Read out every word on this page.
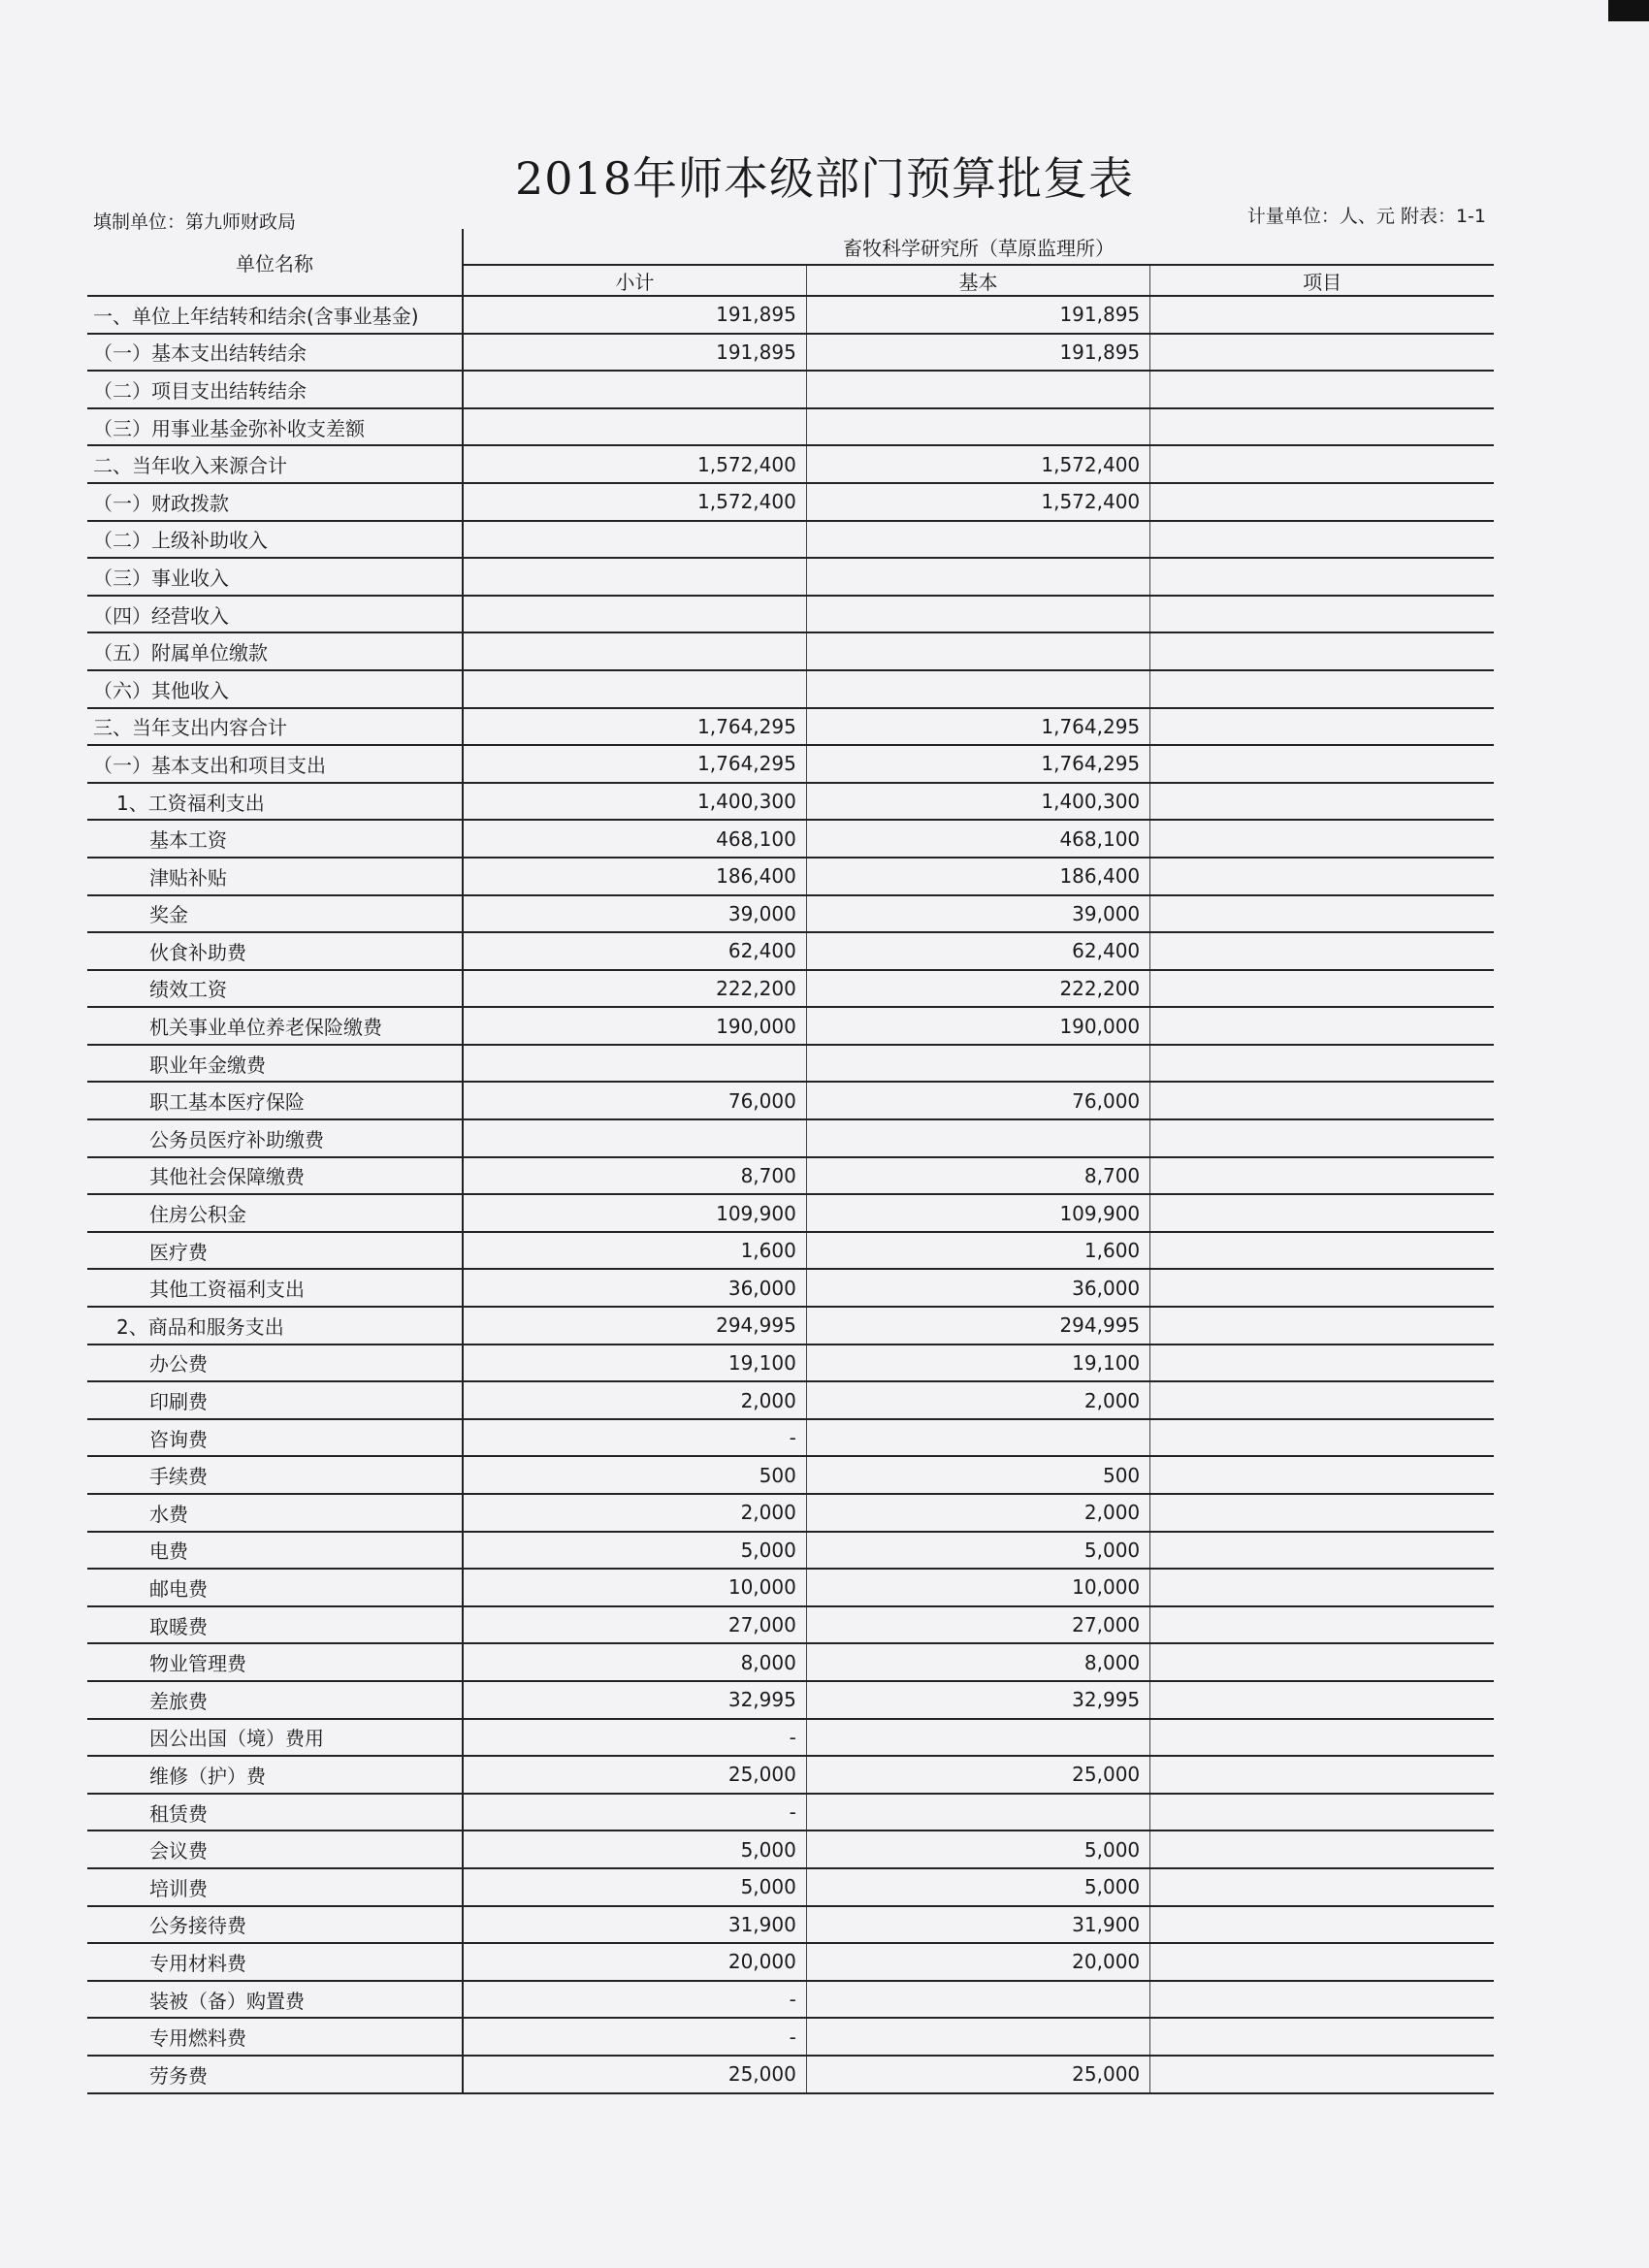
2018年师本级部门预算批复表
填制单位：第九师财政局	计量单位：人、元 附表：1-1
单位名称	畜牧科学研究所（草原监理所）		
	小计	基本	项目
一、单位上年结转和结余(含事业基金)	191,895	191,895	
（一）基本支出结转结余	191,895	191,895	
（二）项目支出结转结余			
（三）用事业基金弥补收支差额			
二、当年收入来源合计	1,572,400	1,572,400	
（一）财政拨款	1,572,400	1,572,400	
（二）上级补助收入			
（三）事业收入			
（四）经营收入			
（五）附属单位缴款			
（六）其他收入			
三、当年支出内容合计	1,764,295	1,764,295	
（一）基本支出和项目支出	1,764,295	1,764,295	
1、工资福利支出	1,400,300	1,400,300	
基本工资	468,100	468,100	
津贴补贴	186,400	186,400	
奖金	39,000	39,000	
伙食补助费	62,400	62,400	
绩效工资	222,200	222,200	
机关事业单位养老保险缴费	190,000	190,000	
职业年金缴费			
职工基本医疗保险	76,000	76,000	
公务员医疗补助缴费			
其他社会保障缴费	8,700	8,700	
住房公积金	109,900	109,900	
医疗费	1,600	1,600	
其他工资福利支出	36,000	36,000	
2、商品和服务支出	294,995	294,995	
办公费	19,100	19,100	
印刷费	2,000	2,000	
咨询费	-		
手续费	500	500	
水费	2,000	2,000	
电费	5,000	5,000	
邮电费	10,000	10,000	
取暖费	27,000	27,000	
物业管理费	8,000	8,000	
差旅费	32,995	32,995	
因公出国（境）费用	-		
维修（护）费	25,000	25,000	
租赁费	-		
会议费	5,000	5,000	
培训费	5,000	5,000	
公务接待费	31,900	31,900	
专用材料费	20,000	20,000	
装被（备）购置费	-		
专用燃料费	-		
劳务费	25,000	25,000	
